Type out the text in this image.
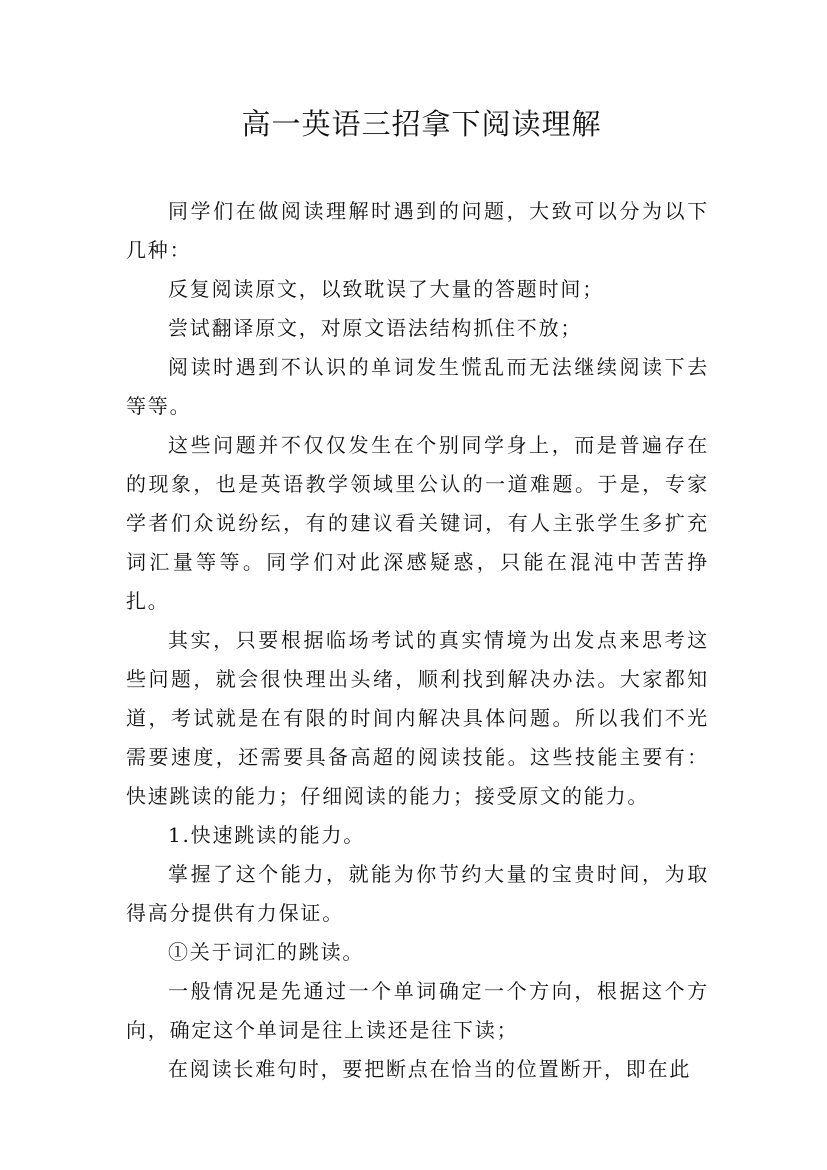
高一英语三招拿下阅读理解

同学们在做阅读理解时遇到的问题，大致可以分为以下几种：

反复阅读原文，以致耽误了大量的答题时间；

尝试翻译原文，对原文语法结构抓住不放；

阅读时遇到不认识的单词发生慌乱而无法继续阅读下去等等。

这些问题并不仅仅发生在个别同学身上，而是普遍存在的现象，也是英语教学领域里公认的一道难题。于是，专家学者们众说纷纭，有的建议看关键词，有人主张学生多扩充词汇量等等。同学们对此深感疑惑，只能在混沌中苦苦挣扎。

其实，只要根据临场考试的真实情境为出发点来思考这些问题，就会很快理出头绪，顺利找到解决办法。大家都知道，考试就是在有限的时间内解决具体问题。所以我们不光需要速度，还需要具备高超的阅读技能。这些技能主要有：快速跳读的能力；仔细阅读的能力；接受原文的能力。

1.快速跳读的能力。

掌握了这个能力，就能为你节约大量的宝贵时间，为取得高分提供有力保证。

①关于词汇的跳读。

一般情况是先通过一个单词确定一个方向，根据这个方向，确定这个单词是往上读还是往下读；

在阅读长难句时，要把断点在恰当的位置断开，即在此
